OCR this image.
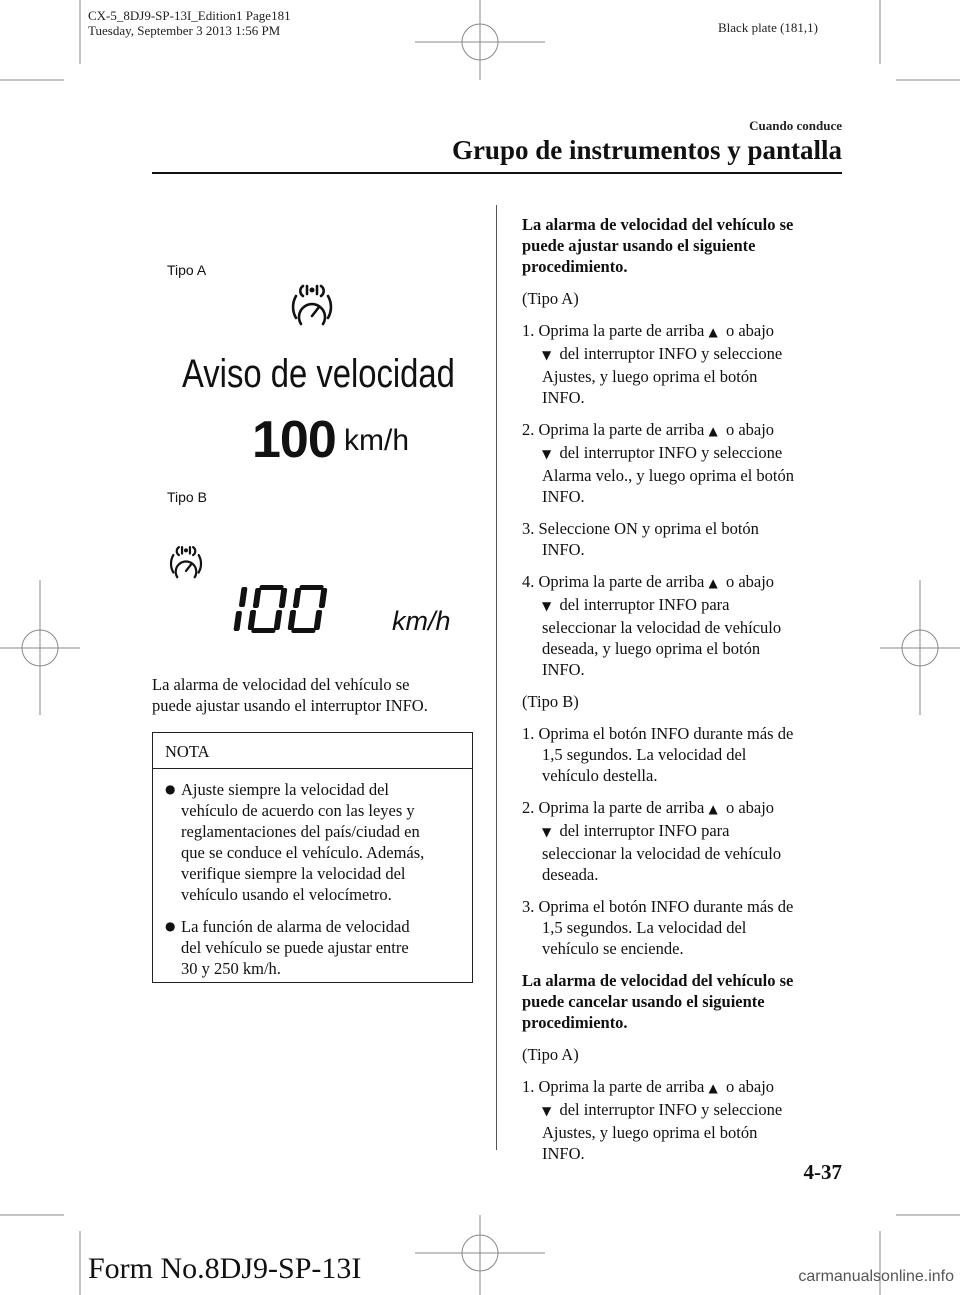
CX-5_8DJ9-SP-13I_Edition1 Page181
Tuesday, September 3 2013 1:56 PM	Black plate (181,1)
Cuando conduce
Grupo de instrumentos y pantalla
Tipo A
Aviso de velocidad
100 km/h
Tipo B
km/h
La alarma de velocidad del vehículo se
puede ajustar usando el interruptor INFO.
NOTA
● Ajuste siempre la velocidad del
vehículo de acuerdo con las leyes y
reglamentaciones del país/ciudad en
que se conduce el vehículo. Además,
verifique siempre la velocidad del
vehículo usando el velocímetro.
● La función de alarma de velocidad
del vehículo se puede ajustar entre
30 y 250 km/h.
La alarma de velocidad del vehículo se
puede ajustar usando el siguiente
procedimiento.
(Tipo A)
1. Oprima la parte de arriba ▲ o abajo
▼ del interruptor INFO y seleccione
Ajustes, y luego oprima el botón
INFO.
2. Oprima la parte de arriba ▲ o abajo
▼ del interruptor INFO y seleccione
Alarma velo., y luego oprima el botón
INFO.
3. Seleccione ON y oprima el botón
INFO.
4. Oprima la parte de arriba ▲ o abajo
▼ del interruptor INFO para
seleccionar la velocidad de vehículo
deseada, y luego oprima el botón
INFO.
(Tipo B)
1. Oprima el botón INFO durante más de
1,5 segundos. La velocidad del
vehículo destella.
2. Oprima la parte de arriba ▲ o abajo
▼ del interruptor INFO para
seleccionar la velocidad de vehículo
deseada.
3. Oprima el botón INFO durante más de
1,5 segundos. La velocidad del
vehículo se enciende.
La alarma de velocidad del vehículo se
puede cancelar usando el siguiente
procedimiento.
(Tipo A)
1. Oprima la parte de arriba ▲ o abajo
▼ del interruptor INFO y seleccione
Ajustes, y luego oprima el botón
INFO.
4-37
Form No.8DJ9-SP-13I	carmanualsonline.info
